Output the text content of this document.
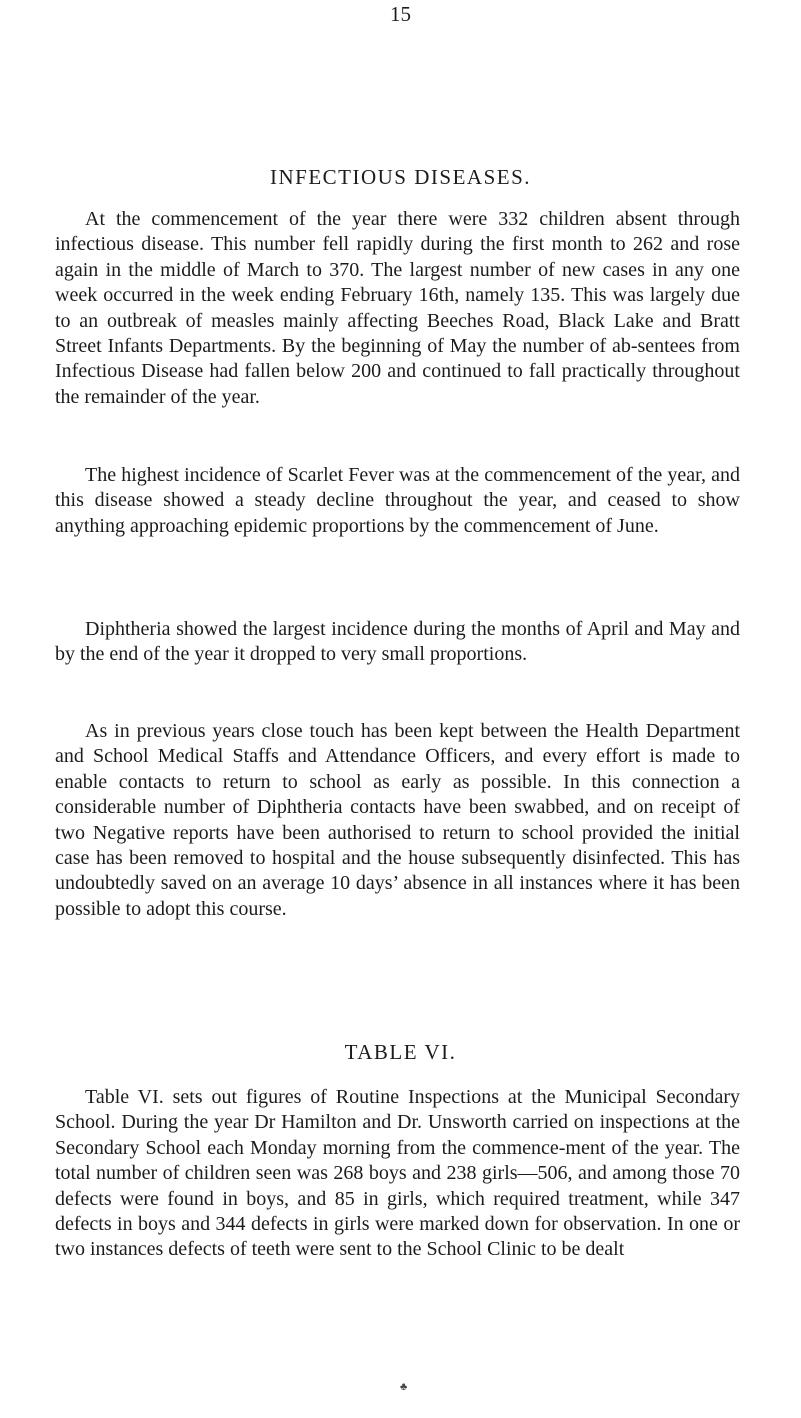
15
INFECTIOUS DISEASES.

At the commencement of the year there were 332 children absent through infectious disease. This number fell rapidly during the first month to 262 and rose again in the middle of March to 370. The largest number of new cases in any one week occurred in the week ending February 16th, namely 135. This was largely due to an outbreak of measles mainly affecting Beeches Road, Black Lake and Bratt Street Infants Departments. By the beginning of May the number of ab-sentees from Infectious Disease had fallen below 200 and continued to fall practically throughout the remainder of the year.

The highest incidence of Scarlet Fever was at the commencement of the year, and this disease showed a steady decline throughout the year, and ceased to show anything approaching epidemic proportions by the commencement of June.

Diphtheria showed the largest incidence during the months of April and May and by the end of the year it dropped to very small proportions.

As in previous years close touch has been kept between the Health Department and School Medical Staffs and Attendance Officers, and every effort is made to enable contacts to return to school as early as possible. In this connection a considerable number of Diphtheria contacts have been swabbed, and on receipt of two Negative reports have been authorised to return to school provided the initial case has been removed to hospital and the house subsequently disinfected. This has undoubtedly saved on an average 10 days’ absence in all instances where it has been possible to adopt this course.

TABLE VI.

Table VI. sets out figures of Routine Inspections at the Municipal Secondary School. During the year Dr Hamilton and Dr. Unsworth carried on inspections at the Secondary School each Monday morning from the commence-ment of the year. The total number of children seen was 268 boys and 238 girls—506, and among those 70 defects were found in boys, and 85 in girls, which required treatment, while 347 defects in boys and 344 defects in girls were marked down for observation. In one or two instances defects of teeth were sent to the School Clinic to be dealt

♣
